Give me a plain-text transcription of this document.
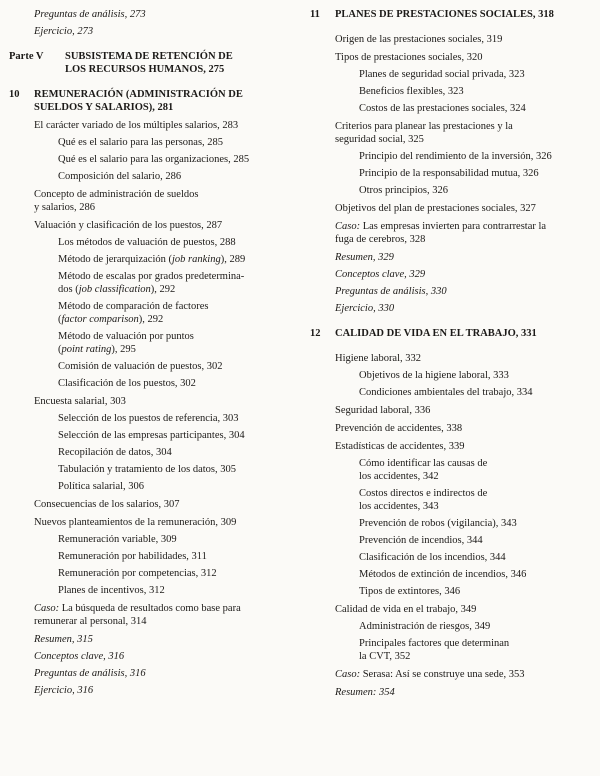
Preguntas de análisis, 273
Ejercicio, 273
Parte V SUBSISTEMA DE RETENCIÓN DE
LOS RECURSOS HUMANOS, 275
10 REMUNERACIÓN (ADMINISTRACIÓN DE
SUELDOS Y SALARIOS), 281
El carácter variado de los múltiples salarios, 283
Qué es el salario para las personas, 285
Qué es el salario para las organizaciones, 285
Composición del salario, 286
Concepto de administración de sueldos
y salarios, 286
Valuación y clasificación de los puestos, 287
Los métodos de valuación de puestos, 288
Método de jerarquización (job ranking), 289
Método de escalas por grados predetermina-
dos (job classification), 292
Método de comparación de factores
(factor comparison), 292
Método de valuación por puntos
(point rating), 295
Comisión de valuación de puestos, 302
Clasificación de los puestos, 302
Encuesta salarial, 303
Selección de los puestos de referencia, 303
Selección de las empresas participantes, 304
Recopilación de datos, 304
Tabulación y tratamiento de los datos, 305
Política salarial, 306
Consecuencias de los salarios, 307
Nuevos planteamientos de la remuneración, 309
Remuneración variable, 309
Remuneración por habilidades, 311
Remuneración por competencias, 312
Planes de incentivos, 312
Caso: La búsqueda de resultados como base para
remunerar al personal, 314
Resumen, 315
Conceptos clave, 316
Preguntas de análisis, 316
Ejercicio, 316
11 PLANES DE PRESTACIONES SOCIALES, 318
Origen de las prestaciones sociales, 319
Tipos de prestaciones sociales, 320
Planes de seguridad social privada, 323
Beneficios flexibles, 323
Costos de las prestaciones sociales, 324
Criterios para planear las prestaciones y la
seguridad social, 325
Principio del rendimiento de la inversión, 326
Principio de la responsabilidad mutua, 326
Otros principios, 326
Objetivos del plan de prestaciones sociales, 327
Caso: Las empresas invierten para contrarrestar la
fuga de cerebros, 328
Resumen, 329
Conceptos clave, 329
Preguntas de análisis, 330
Ejercicio, 330
12 CALIDAD DE VIDA EN EL TRABAJO, 331
Higiene laboral, 332
Objetivos de la higiene laboral, 333
Condiciones ambientales del trabajo, 334
Seguridad laboral, 336
Prevención de accidentes, 338
Estadísticas de accidentes, 339
Cómo identificar las causas de
los accidentes, 342
Costos directos e indirectos de
los accidentes, 343
Prevención de robos (vigilancia), 343
Prevención de incendios, 344
Clasificación de los incendios, 344
Métodos de extinción de incendios, 346
Tipos de extintores, 346
Calidad de vida en el trabajo, 349
Administración de riesgos, 349
Principales factores que determinan
la CVT, 352
Caso: Serasa: Así se construye una sede, 353
Resumen: 354
